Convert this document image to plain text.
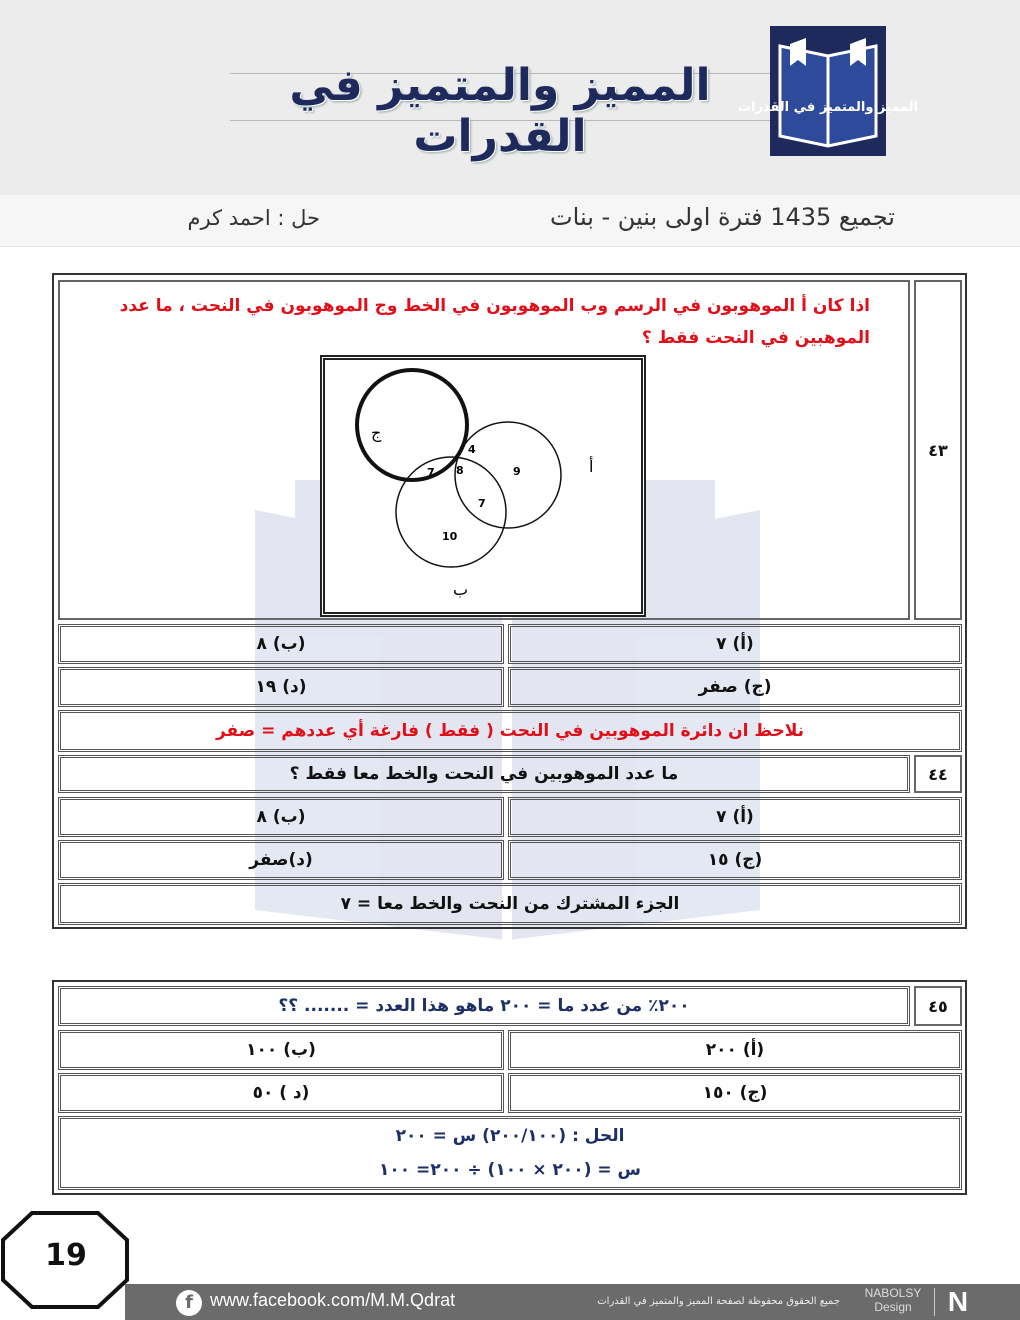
المميز والمتميز في القدرات
المميز والمتميز في القدرات
تجميع 1435 فترة اولى بنين - بنات
حل : احمد كرم
اذا كان أ الموهوبون في الرسم وب الموهوبون في الخط وج الموهوبون في النحت ، ما عدد الموهبين في النحت فقط ؟
٤٣
ج
أ
ب
7 8
4
9
7
10
(أ) ٧
(ب) ٨
(ج) صفر
(د) ١٩
نلاحظ ان دائرة الموهوبين في النحت ( فقط ) فارغة أي عددهم = صفر
ما عدد الموهوبين في النحت والخط معا فقط ؟	٤٤
(أ) ٧
(ب) ٨
(ج) ١٥
(د)صفر
الجزء المشترك من النحت والخط معا = ٧
٢٠٠٪ من عدد ما = ٢٠٠ ماهو هذا العدد = ....... ؟؟	٤٥
(أ) ٢٠٠
(ب) ١٠٠
(ج) ١٥٠
(د ) ٥٠
الحل : (٢٠٠/١٠٠) س = ٢٠٠
س = (٢٠٠ × ١٠٠) ÷ ٢٠٠= ١٠٠
19
f www.facebook.com/M.M.Qdrat	جميع الحقوق محفوظة لصفحة المميز والمتميز في القدرات
NABOLSY
Design	N
